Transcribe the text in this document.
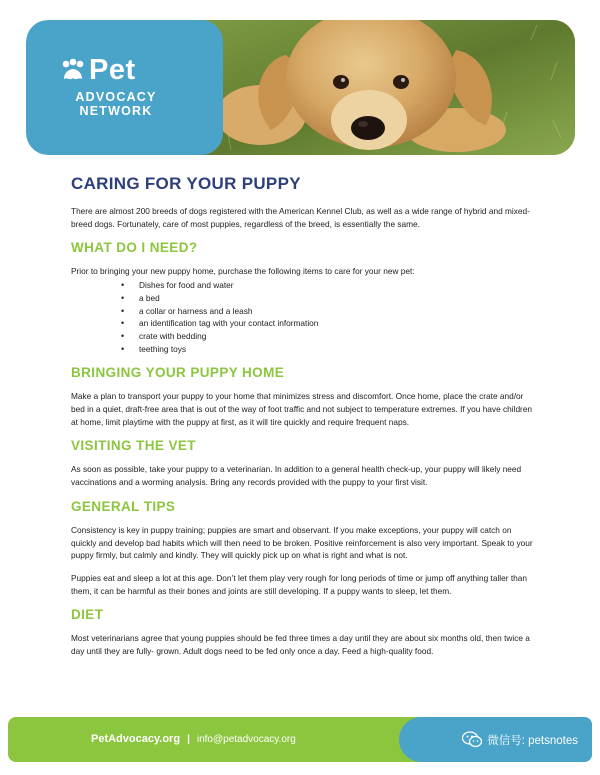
Pet
ADVOCACY
NETWORK
CARING FOR YOUR PUPPY

There are almost 200 breeds of dogs registered with the American Kennel Club, as well as a wide range of hybrid and mixed-breed dogs. Fortunately, care of most puppies, regardless of the breed, is essentially the same.

WHAT DO I NEED?

Prior to bringing your new puppy home, purchase the following items to care for your new pet:

• Dishes for food and water
• a bed
• a collar or harness and a leash
• an identification tag with your contact information
• crate with bedding
• teething toys
BRINGING YOUR PUPPY HOME

Make a plan to transport your puppy to your home that minimizes stress and discomfort. Once home, place the crate and/or bed in a quiet, draft-free area that is out of the way of foot traffic and not subject to temperature extremes. If you have children at home, limit playtime with the puppy at first, as it will tire quickly and require frequent naps.

VISITING THE VET

As soon as possible, take your puppy to a veterinarian. In addition to a general health check-up, your puppy will likely need vaccinations and a worming analysis. Bring any records provided with the puppy to your first visit.

GENERAL TIPS

Consistency is key in puppy training; puppies are smart and observant. If you make exceptions, your puppy will catch on quickly and develop bad habits which will then need to be broken. Positive reinforcement is also very important. Speak to your puppy firmly, but calmly and kindly. They will quickly pick up on what is right and what is not.

Puppies eat and sleep a lot at this age. Don’t let them play very rough for long periods of time or jump off anything taller than them, it can be harmful as their bones and joints are still developing. If a puppy wants to sleep, let them.

DIET

Most veterinarians agree that young puppies should be fed three times a day until they are about six months old, then twice a day until they are fully- grown. Adult dogs need to be fed only once a day. Feed a high-quality food.

PetAdvocacy.org | info@petadvocacy.org	微信号: petsnotes
